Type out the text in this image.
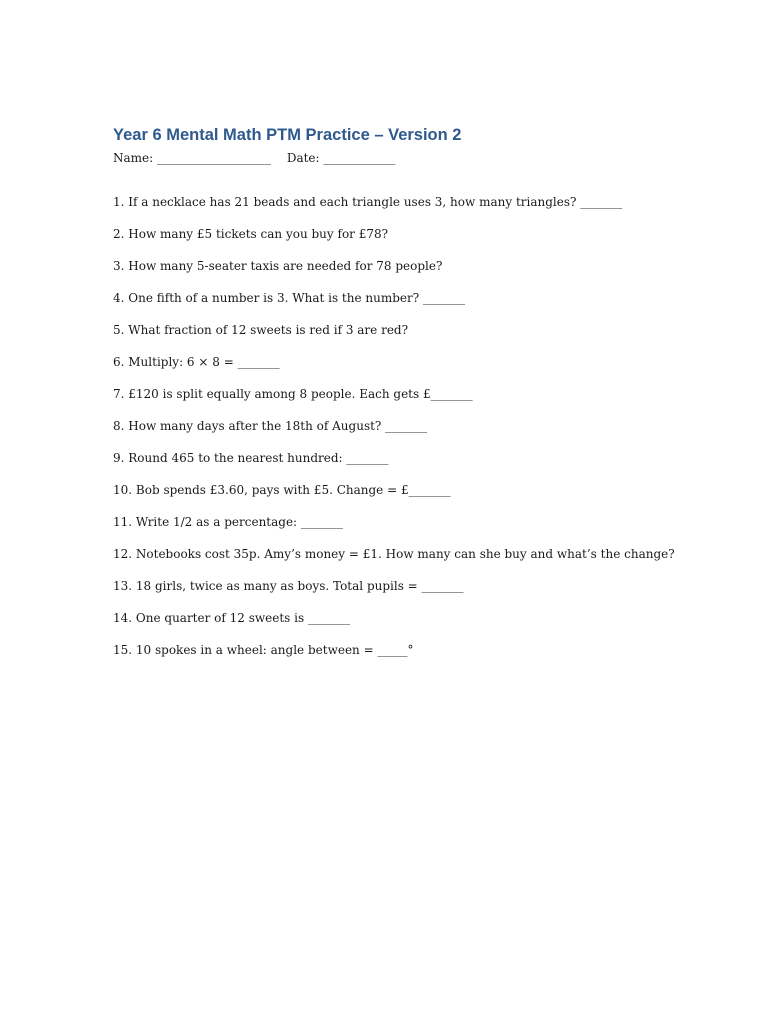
Year 6 Mental Math PTM Practice – Version 2
Name: ___________________ Date: ____________
1. If a necklace has 21 beads and each triangle uses 3, how many triangles? _______
2. How many £5 tickets can you buy for £78?
3. How many 5-seater taxis are needed for 78 people?
4. One fifth of a number is 3. What is the number? _______
5. What fraction of 12 sweets is red if 3 are red?
6. Multiply: 6 × 8 = _______
7. £120 is split equally among 8 people. Each gets £_______
8. How many days after the 18th of August? _______
9. Round 465 to the nearest hundred: _______
10. Bob spends £3.60, pays with £5. Change = £_______
11. Write 1/2 as a percentage: _______
12. Notebooks cost 35p. Amy’s money = £1. How many can she buy and what’s the change?
13. 18 girls, twice as many as boys. Total pupils = _______
14. One quarter of 12 sweets is _______
15. 10 spokes in a wheel: angle between = _____°
